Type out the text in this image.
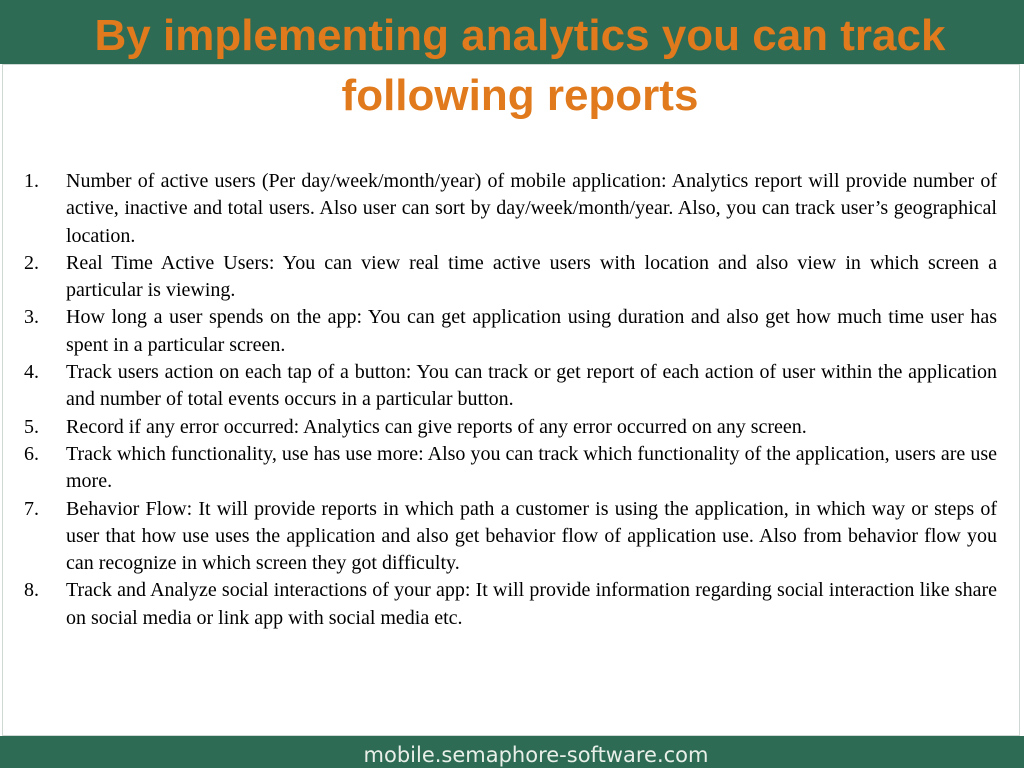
By implementing analytics you can track
following reports
1.	Number of active users (Per day/week/month/year) of mobile application: Analytics report will provide number of active, inactive and total users. Also user can sort by day/week/month/year. Also, you can track user’s geographical location.
2.	Real Time Active Users: You can view real time active users with location and also view in which screen a particular is viewing.
3.	How long a user spends on the app: You can get application using duration and also get how much time user has spent in a particular screen.
4.	Track users action on each tap of a button: You can track or get report of each action of user within the application and number of total events occurs in a particular button.
5.	Record if any error occurred: Analytics can give reports of any error occurred on any screen.
6.	Track which functionality, use has use more: Also you can track which functionality of the application, users are use more.
7.	Behavior Flow: It will provide reports in which path a customer is using the application, in which way or steps of user that how use uses the application and also get behavior flow of application use. Also from behavior flow you can recognize in which screen they got difficulty.
8.	Track and Analyze social interactions of your app: It will provide information regarding social interaction like share on social media or link app with social media etc.

mobile.semaphore-software.com
